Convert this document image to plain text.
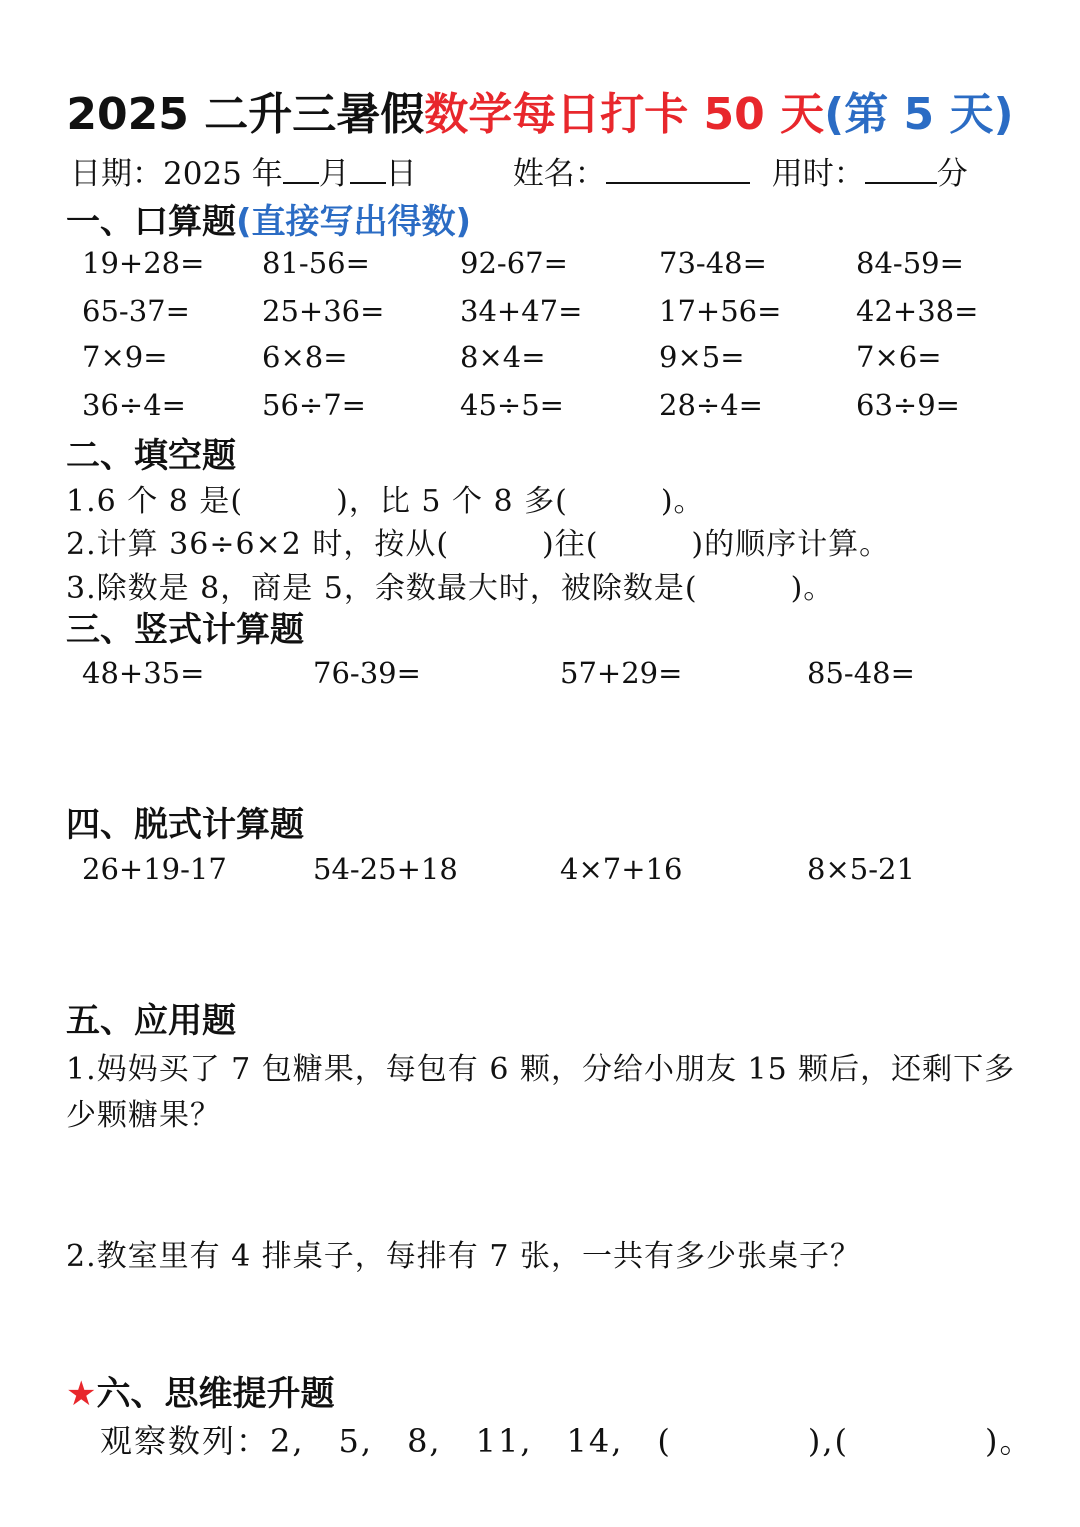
2025 二升三暑假数学每日打卡 50 天(第 5 天)
日期：2025 年 月 日	姓名：	用时： 分
一、口算题(直接写出得数)
19+28= 81-56=	92-67=	73-48=	84-59=
65-37= 25+36=	34+47=	17+56=	42+38=
7×9=	6×8=	8×4=	9×5=	7×6=
36÷4=	56÷7=	45÷5=	28÷4=	63÷9=
二、填空题
1.6 个 8 是(　　　)，比 5 个 8 多(　　　)。
2.计算 36÷6×2 时，按从(　　　)往(　　　)的顺序计算。
3.除数是 8，商是 5，余数最大时，被除数是(　　　)。
三、竖式计算题
48+35=	76-39=	57+29=	85-48=
四、脱式计算题
26+19-17	54-25+18	4×7+16	8×5-21
五、应用题
1.妈妈买了 7 包糖果，每包有 6 颗，分给小朋友 15 颗后，还剩下多
少颗糖果？
2.教室里有 4 排桌子，每排有 7 张，一共有多少张桌子？
★六、思维提升题
观察数列：2,　5,　8,　11,　14,　(　　　　),(　　　　)。
